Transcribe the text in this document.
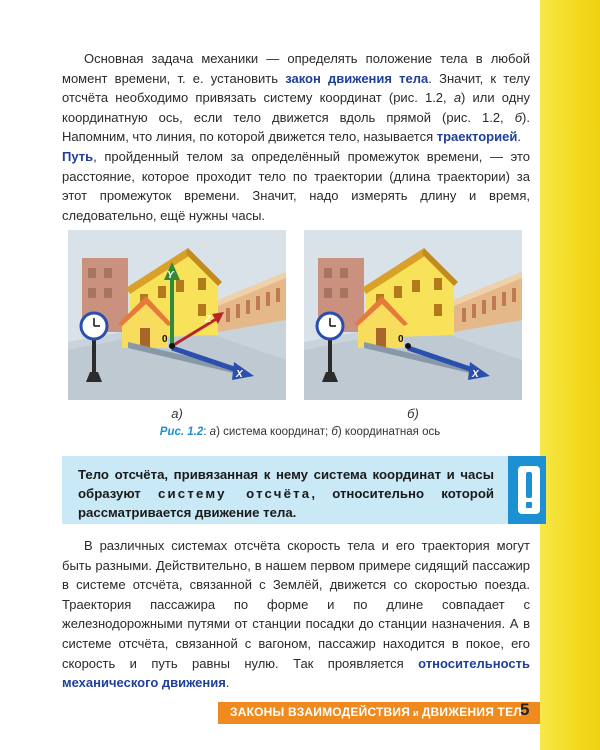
Основная задача механики — определять положение тела в любой момент времени, т. е. установить закон движения тела. Значит, к телу отсчёта необходимо привязать систему координат (рис. 1.2, а) или одну координатную ось, если тело движется вдоль прямой (рис. 1.2, б). Напомним, что линия, по которой движется тело, называется траекторией.
Путь, пройденный телом за определённый промежуток времени, — это расстояние, которое проходит тело по траектории (длина траектории) за этот промежуток времени. Значит, надо измерять длину и время, следовательно, ещё нужны часы.
0
Y
Z
X
0
X
а)	б)
Рис. 1.2: а) система координат; б) координатная ось
Тело отсчёта, привязанная к нему система координат и часы образуют систему отсчёта, относительно которой рассматривается движение тела.
В различных системах отсчёта скорость тела и его траектория могут быть разными. Действительно, в нашем первом примере сидящий пассажир в системе отсчёта, связанной с Землёй, движется со скоростью поезда. Траектория пассажира по форме и по длине совпадает с железнодорожными путями от станции посадки до станции назначения. А в системе отсчёта, связанной с вагоном, пассажир находится в покое, его скорость и путь равны нулю. Так проявляется относительность механического движения.
ЗАКОНЫ ВЗАИМОДЕЙСТВИЯ и ДВИЖЕНИЯ ТЕЛ
5
